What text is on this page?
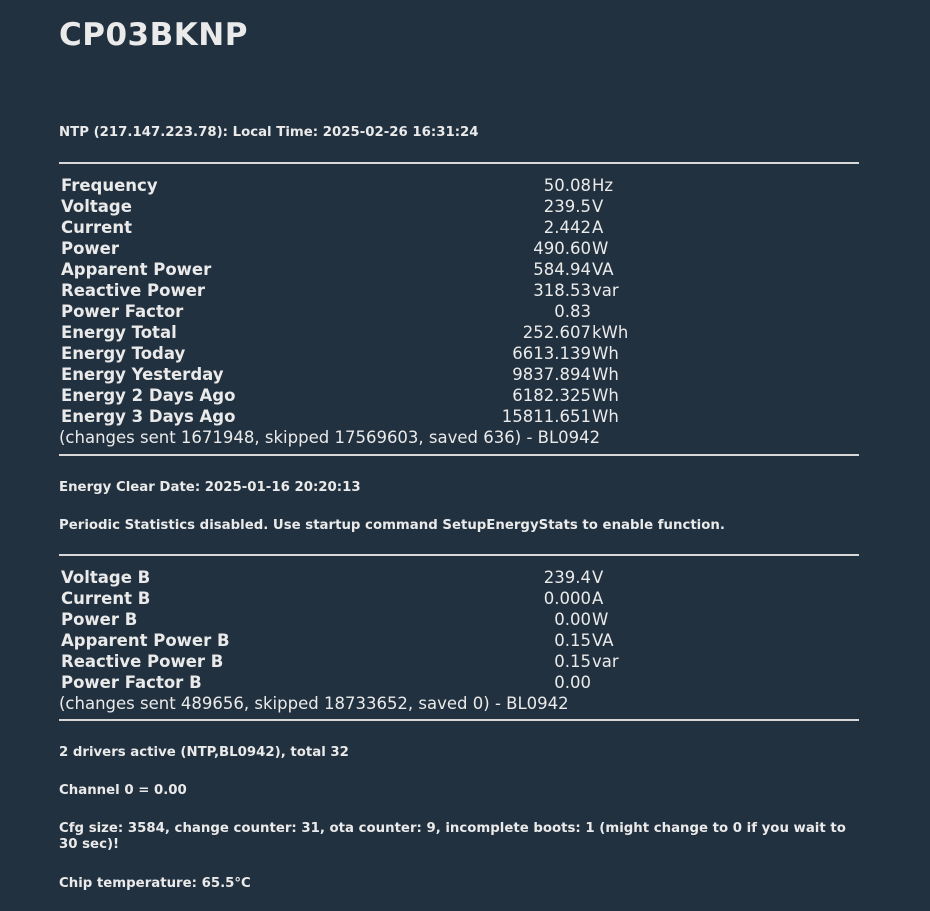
CP03BKNP
NTP (217.147.223.78): Local Time: 2025-02-26 16:31:24
Frequency	50.08 Hz
Voltage	239.5 V
Current	2.442 A
Power	490.60 W
Apparent Power	584.94 VA
Reactive Power	318.53 var
Power Factor	0.83
Energy Total	252.607 kWh
Energy Today	6613.139 Wh
Energy Yesterday	9837.894 Wh
Energy 2 Days Ago	6182.325 Wh
Energy 3 Days Ago	15811.651 Wh
(changes sent 1671948, skipped 17569603, saved 636) - BL0942
Energy Clear Date: 2025-01-16 20:20:13
Periodic Statistics disabled. Use startup command SetupEnergyStats to enable function.
Voltage B	239.4 V
Current B	0.000 A
Power B	0.00 W
Apparent Power B	0.15 VA
Reactive Power B	0.15 var
Power Factor B	0.00
(changes sent 489656, skipped 18733652, saved 0) - BL0942
2 drivers active (NTP,BL0942), total 32
Channel 0 = 0.00
Cfg size: 3584, change counter: 31, ota counter: 9, incomplete boots: 1 (might change to 0 if you wait to 30 sec)!
Chip temperature: 65.5°C
